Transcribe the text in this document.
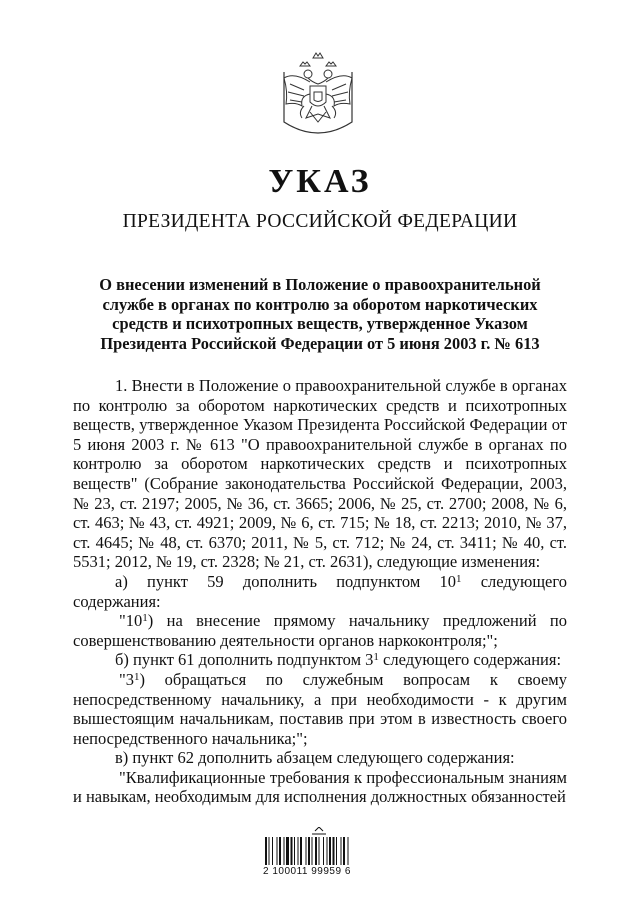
УКАЗ
ПРЕЗИДЕНТА РОССИЙСКОЙ ФЕДЕРАЦИИ
О внесении изменений в Положение о правоохранительной
службе в органах по контролю за оборотом наркотических
средств и психотропных веществ, утвержденное Указом
Президента Российской Федерации от 5 июня 2003 г. № 613

1. Внести в Положение о правоохранительной службе в органах по контролю за оборотом наркотических средств и психотропных веществ, утвержденное Указом Президента Российской Федерации от 5 июня 2003 г. № 613 "О правоохранительной службе в органах по контролю за оборотом наркотических средств и психотропных веществ" (Собрание законодательства Российской Федерации, 2003, № 23, ст. 2197; 2005, № 36, ст. 3665; 2006, № 25, ст. 2700; 2008, № 6, ст. 463; № 43, ст. 4921; 2009, № 6, ст. 715; № 18, ст. 2213; 2010, № 37, ст. 4645; № 48, ст. 6370; 2011, № 5, ст. 712; № 24, ст. 3411; № 40, ст. 5531; 2012, № 19, ст. 2328; № 21, ст. 2631), следующие изменения:

а) пункт 59 дополнить подпунктом $10^1$ следующего содержания:

"$10^1$) на внесение прямому начальнику предложений по совершенствованию деятельности органов наркоконтроля;";

б) пункт 61 дополнить подпунктом $3^1$ следующего содержания:

"$3^1$) обращаться по служебным вопросам к своему непосредственному начальнику, а при необходимости - к другим вышестоящим начальникам, поставив при этом в известность своего непосредственного начальника;";

в) пункт 62 дополнить абзацем следующего содержания:

"Квалификационные требования к профессиональным знаниям и навыкам, необходимым для исполнения должностных обязанностей

2 100011 99959 6
